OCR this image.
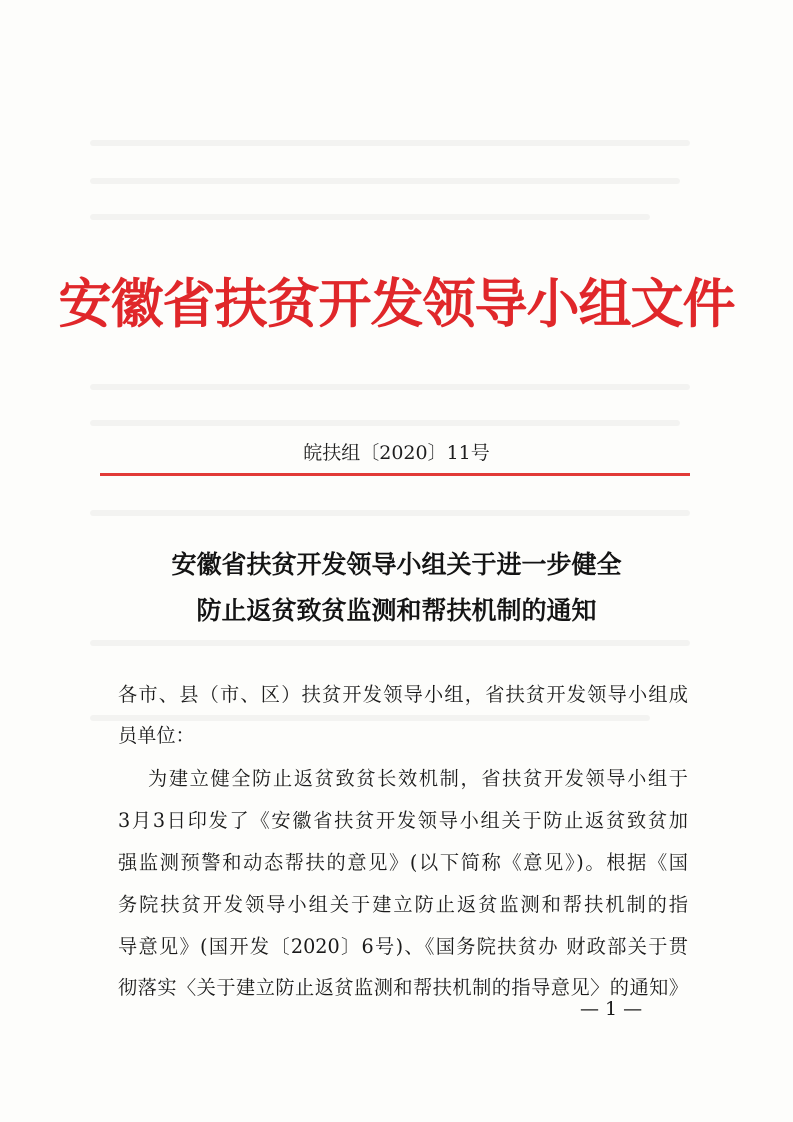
安徽省扶贫开发领导小组文件
皖扶组〔2020〕11号
安徽省扶贫开发领导小组关于进一步健全
防止返贫致贫监测和帮扶机制的通知
各市、县（市、区）扶贫开发领导小组，省扶贫开发领导小组成
员单位：
为建立健全防止返贫致贫长效机制，省扶贫开发领导小组于
3月3日印发了《安徽省扶贫开发领导小组关于防止返贫致贫加
强监测预警和动态帮扶的意见》(以下简称《意见》)。根据《国
务院扶贫开发领导小组关于建立防止返贫监测和帮扶机制的指
导意见》(国开发〔2020〕6号)、《国务院扶贫办 财政部关于贯
彻落实〈关于建立防止返贫监测和帮扶机制的指导意见〉的通知》
— 1 —
